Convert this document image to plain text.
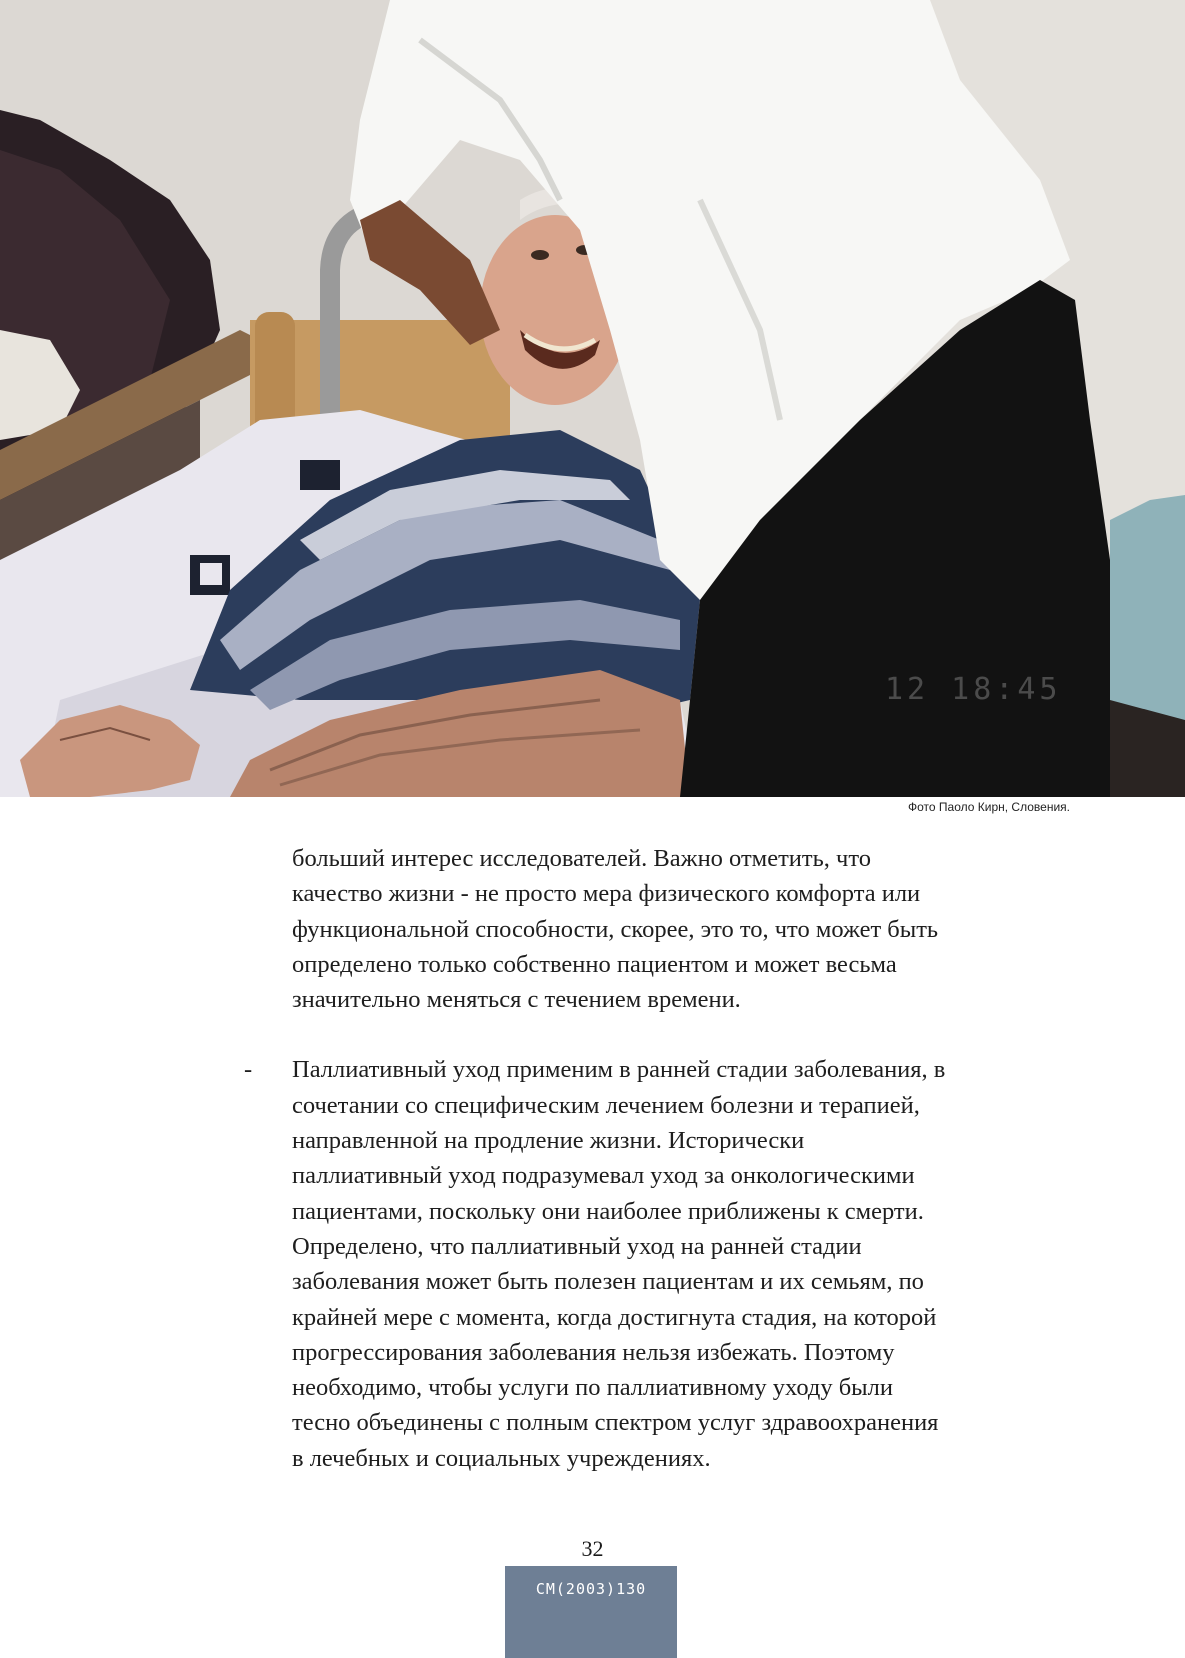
12 18:45
Фото Паоло Кирн, Словения.
больший интерес исследователей. Важно отметить, что
качество жизни - не просто мера физического комфорта или
функциональной способности, скорее, это то, что может быть
определено только собственно пациентом и может весьма
значительно меняться с течением времени.
- Паллиативный уход применим в ранней стадии заболевания, в
сочетании со специфическим лечением болезни и терапией,
направленной на продление жизни. Исторически
паллиативный уход подразумевал уход за онкологическими
пациентами, поскольку они наиболее приближены к смерти.
Определено, что паллиативный уход на ранней стадии
заболевания может быть полезен пациентам и их семьям, по
крайней мере с момента, когда достигнута стадия, на которой
прогрессирования заболевания нельзя избежать. Поэтому
необходимо, чтобы услуги по паллиативному уходу были
тесно объединены с полным спектром услуг здравоохранения
в лечебных и социальных учреждениях.
32
CM(2003)130
